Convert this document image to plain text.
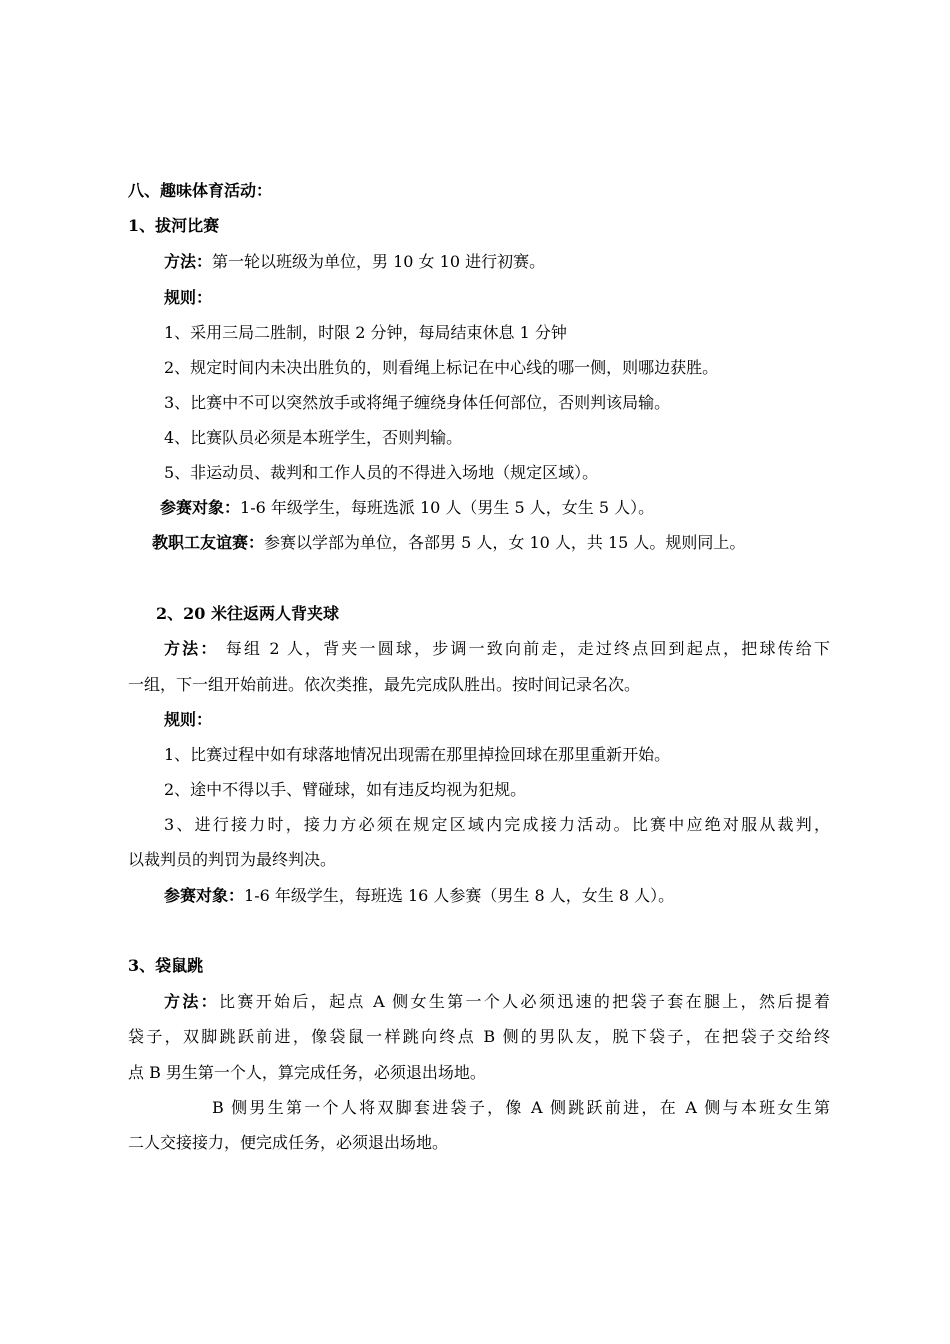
八、趣味体育活动：
1、拔河比赛
方法：第一轮以班级为单位，男 10 女 10 进行初赛。
规则：
1、采用三局二胜制，时限 2 分钟，每局结束休息 1 分钟
2、规定时间内未决出胜负的，则看绳上标记在中心线的哪一侧，则哪边获胜。
3、比赛中不可以突然放手或将绳子缠绕身体任何部位，否则判该局输。
4、比赛队员必须是本班学生，否则判输。
5、非运动员、裁判和工作人员的不得进入场地（规定区域）。
参赛对象：1-6 年级学生，每班选派 10 人（男生 5 人，女生 5 人）。
教职工友谊赛：参赛以学部为单位，各部男 5 人，女 10 人，共 15 人。规则同上。
2、20 米往返两人背夹球
方法： 每组 2 人，背夹一圆球，步调一致向前走，走过终点回到起点，把球传给下
一组，下一组开始前进。依次类推，最先完成队胜出。按时间记录名次。
规则：
1、比赛过程中如有球落地情况出现需在那里掉捡回球在那里重新开始。
2、途中不得以手、臂碰球，如有违反均视为犯规。
3、进行接力时，接力方必须在规定区域内完成接力活动。比赛中应绝对服从裁判，
以裁判员的判罚为最终判决。
参赛对象：1-6 年级学生，每班选 16 人参赛（男生 8 人，女生 8 人）。
3、袋鼠跳
方法：比赛开始后，起点 A 侧女生第一个人必须迅速的把袋子套在腿上，然后提着
袋子，双脚跳跃前进，像袋鼠一样跳向终点 B 侧的男队友，脱下袋子，在把袋子交给终
点 B 男生第一个人，算完成任务，必须退出场地。
B 侧男生第一个人将双脚套进袋子，像 A 侧跳跃前进，在 A 侧与本班女生第
二人交接接力，便完成任务，必须退出场地。
